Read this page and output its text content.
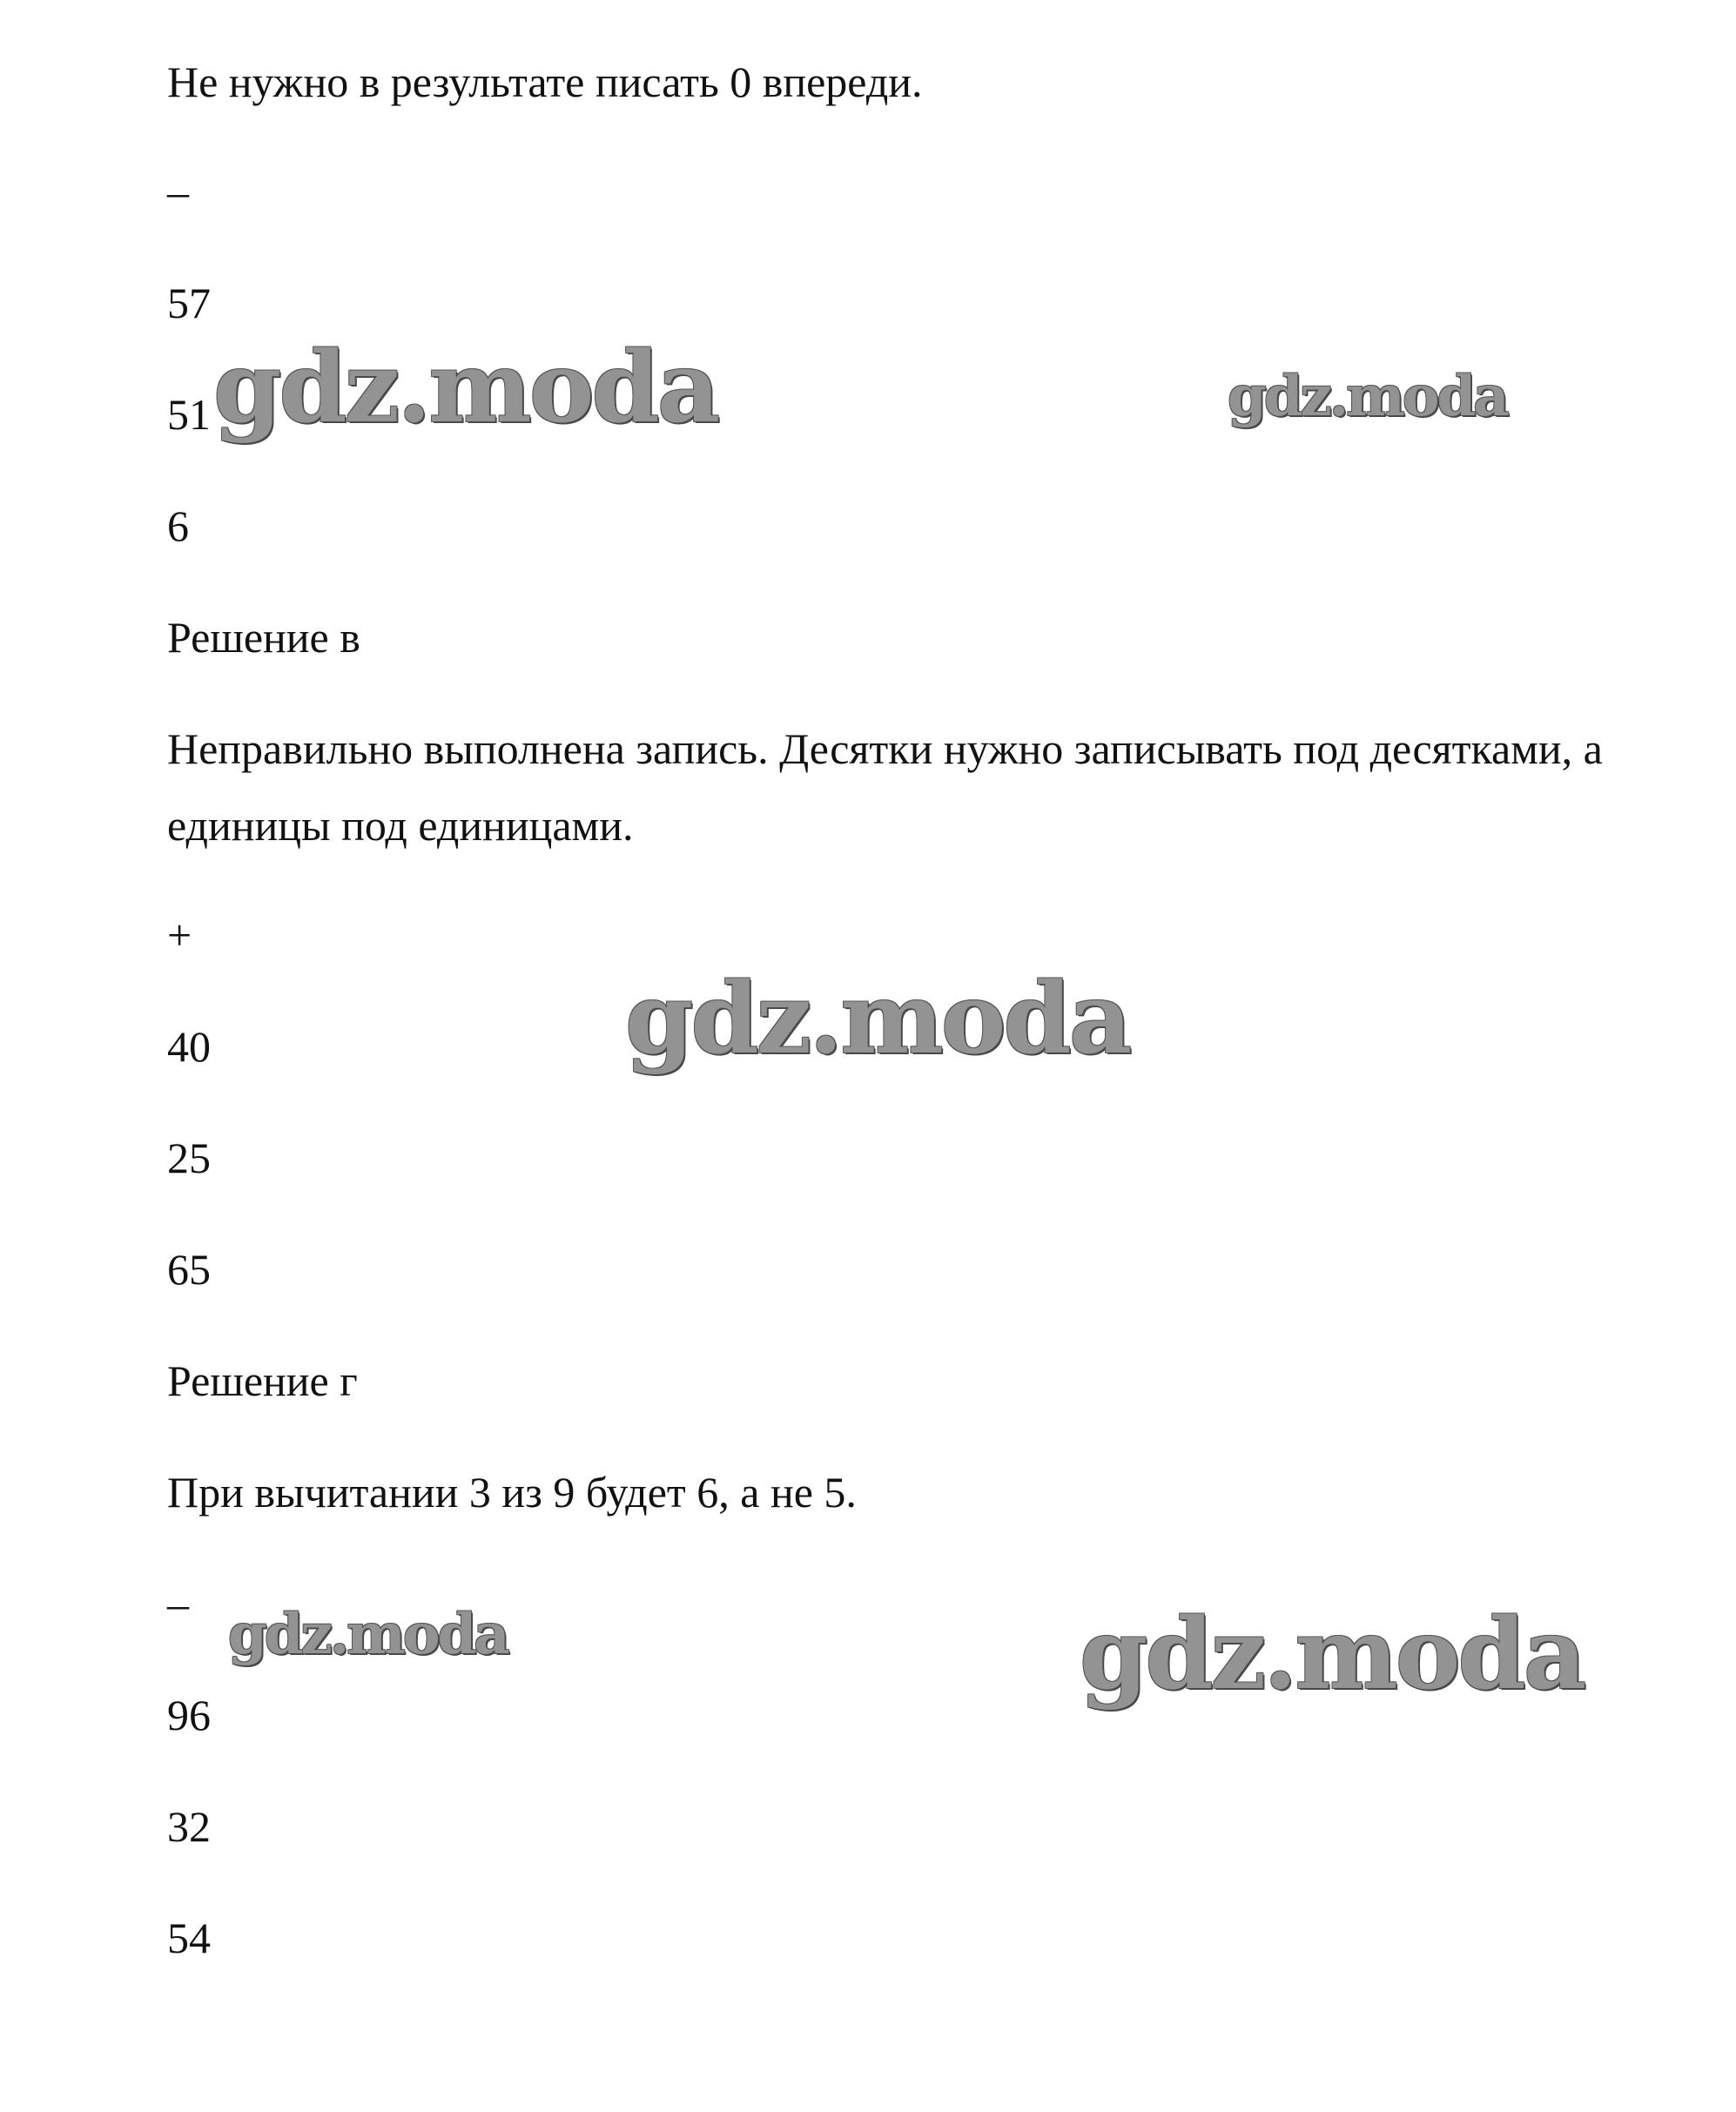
Не нужно в результате писать 0 впереди.

–

57

51

6

Решение в

Неправильно выполнена запись. Десятки нужно записывать под десятками, а единицы под единицами.

+

40

25

65

Решение г

При вычитании 3 из 9 будет 6, а не 5.

–

96

32

54

gdz.moda	gdz.moda
gdz.moda
gdz.moda	gdz.moda
